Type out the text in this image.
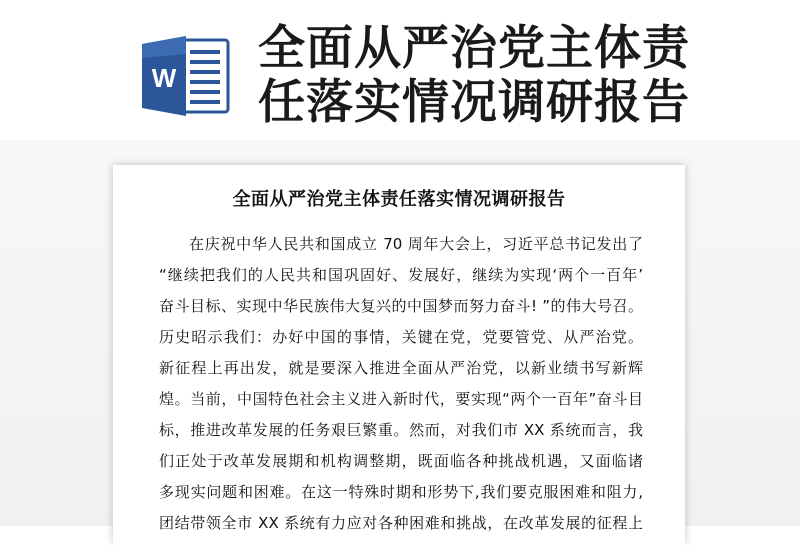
W
全面从严治党主体责
任落实情况调研报告
全面从严治党主体责任落实情况调研报告
在庆祝中华人民共和国成立 70 周年大会上，习近平总书记发出了
“继续把我们的人民共和国巩固好、发展好，继续为实现‘两个一百年’
奋斗目标、实现中华民族伟大复兴的中国梦而努力奋斗! ”的伟大号召。
历史昭示我们：办好中国的事情，关键在党，党要管党、从严治党。
新征程上再出发，就是要深入推进全面从严治党，以新业绩书写新辉
煌。当前，中国特色社会主义进入新时代，要实现“两个一百年”奋斗目
标，推进改革发展的任务艰巨繁重。然而，对我们市 XX 系统而言，我
们正处于改革发展期和机构调整期，既面临各种挑战机遇，又面临诸
多现实问题和困难。在这一特殊时期和形势下,我们要克服困难和阻力,
团结带领全市 XX 系统有力应对各种困难和挑战，在改革发展的征程上
